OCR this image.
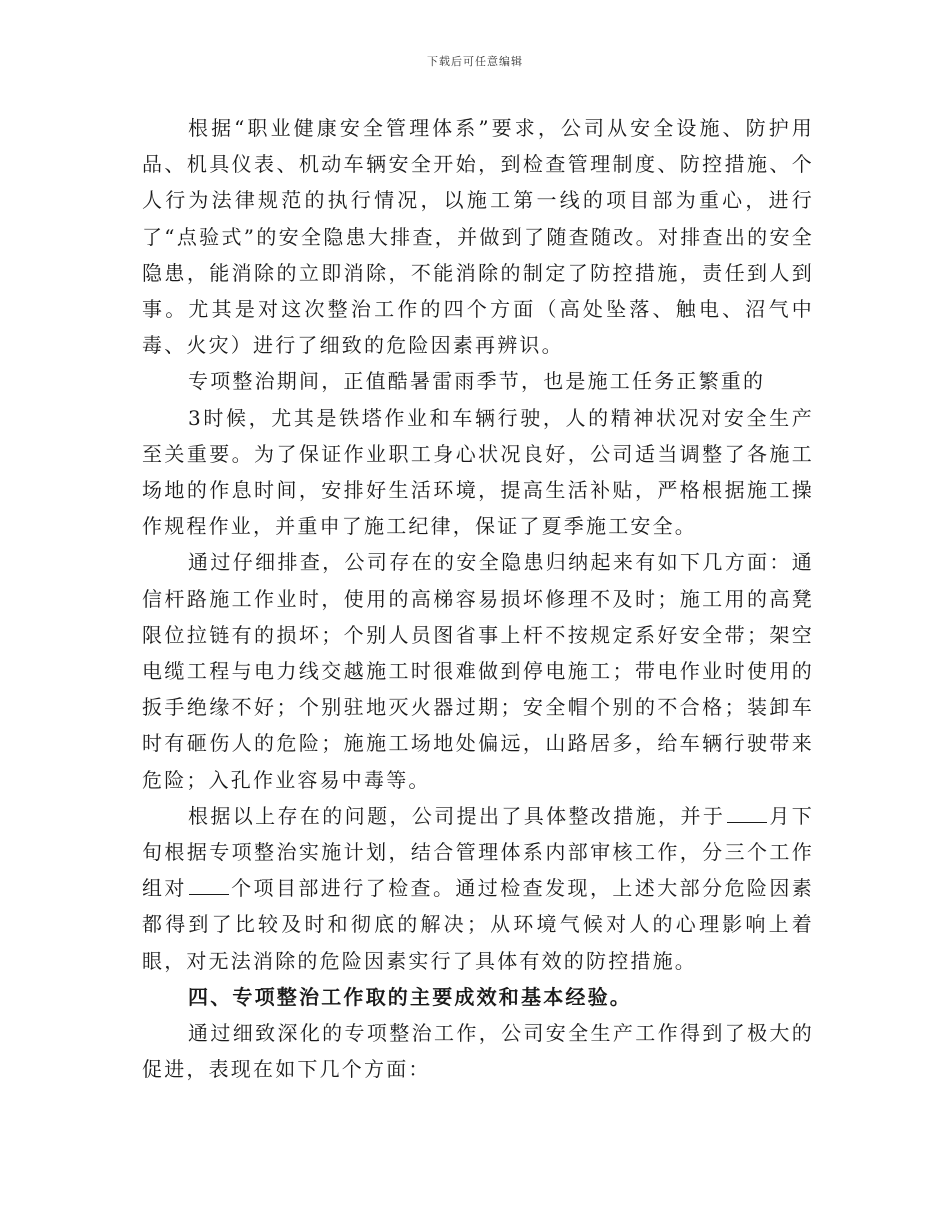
下载后可任意编辑

根据“职业健康安全管理体系”要求，公司从安全设施、防护用品、机具仪表、机动车辆安全开始，到检查管理制度、防控措施、个人行为法律规范的执行情况，以施工第一线的项目部为重心，进行了“点验式”的安全隐患大排查，并做到了随查随改。对排查出的安全隐患，能消除的立即消除，不能消除的制定了防控措施，责任到人到事。尤其是对这次整治工作的四个方面（高处坠落、触电、沼气中毒、火灾）进行了细致的危险因素再辨识。

专项整治期间，正值酷暑雷雨季节，也是施工任务正繁重的

3时候，尤其是铁塔作业和车辆行驶，人的精神状况对安全生产至关重要。为了保证作业职工身心状况良好，公司适当调整了各施工场地的作息时间，安排好生活环境，提高生活补贴，严格根据施工操作规程作业，并重申了施工纪律，保证了夏季施工安全。

通过仔细排查，公司存在的安全隐患归纳起来有如下几方面：通信杆路施工作业时，使用的高梯容易损坏修理不及时；施工用的高凳限位拉链有的损坏；个别人员图省事上杆不按规定系好安全带；架空电缆工程与电力线交越施工时很难做到停电施工；带电作业时使用的扳手绝缘不好；个别驻地灭火器过期；安全帽个别的不合格；装卸车时有砸伤人的危险；施施工场地处偏远，山路居多，给车辆行驶带来危险；入孔作业容易中毒等。

根据以上存在的问题，公司提出了具体整改措施，并于 月下旬根据专项整治实施计划，结合管理体系内部审核工作，分三个工作组对 个项目部进行了检查。通过检查发现，上述大部分危险因素都得到了比较及时和彻底的解决；从环境气候对人的心理影响上着眼，对无法消除的危险因素实行了具体有效的防控措施。

四、专项整治工作取的主要成效和基本经验。

通过细致深化的专项整治工作，公司安全生产工作得到了极大的促进，表现在如下几个方面：
